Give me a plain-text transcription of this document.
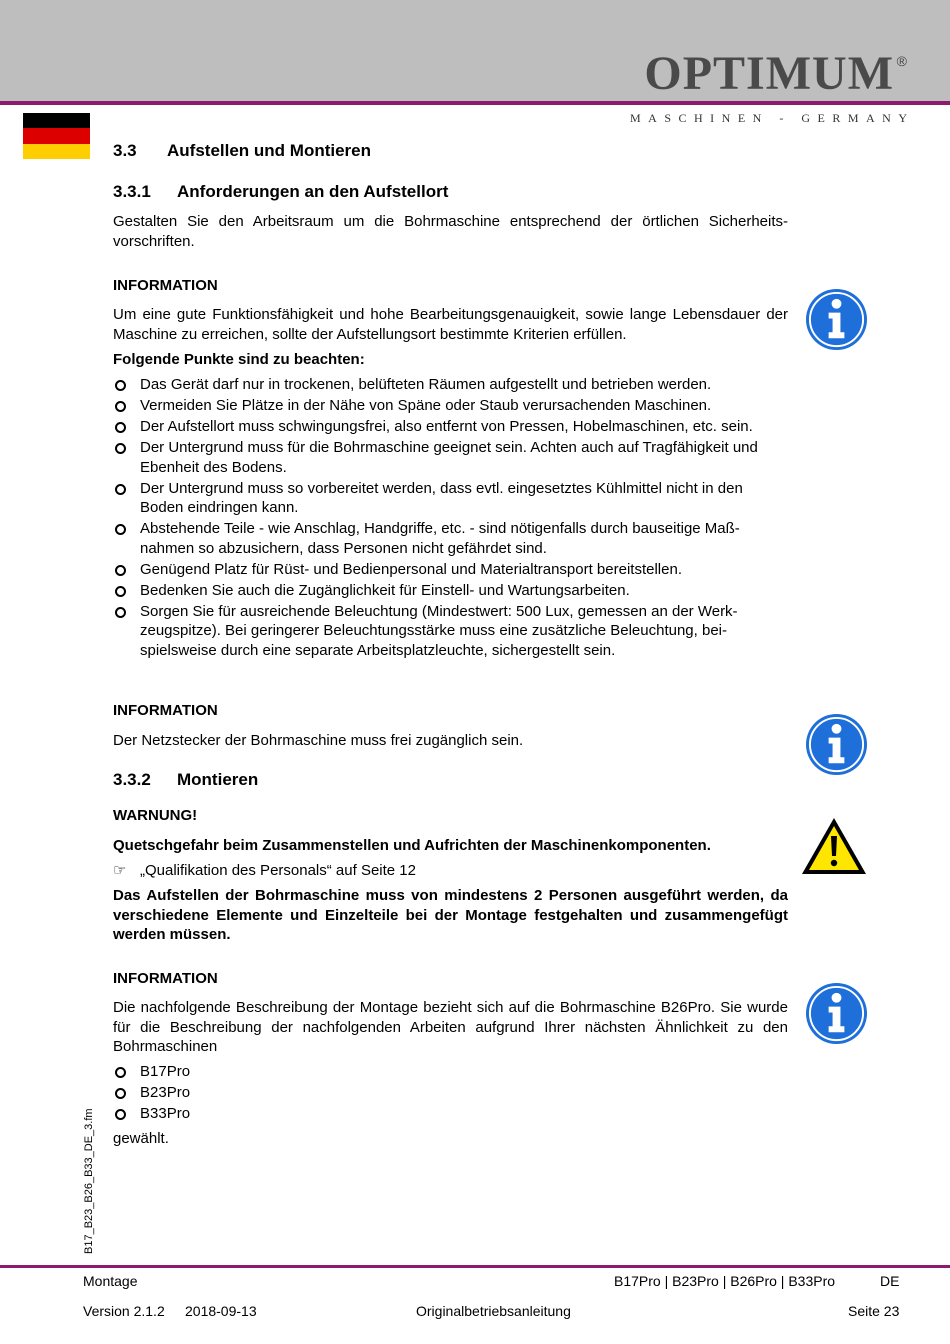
OPTIMUM ®
MASCHINEN - GERMANY
3.3 Aufstellen und Montieren
3.3.1 Anforderungen an den Aufstellort
Gestalten Sie den Arbeitsraum um die Bohrmaschine entsprechend der örtlichen Sicherheits-vorschriften.
INFORMATION
Um eine gute Funktionsfähigkeit und hohe Bearbeitungsgenauigkeit, sowie lange Lebensdauer der Maschine zu erreichen, sollte der Aufstellungsort bestimmte Kriterien erfüllen.
Folgende Punkte sind zu beachten:
Das Gerät darf nur in trockenen, belüfteten Räumen aufgestellt und betrieben werden.
Vermeiden Sie Plätze in der Nähe von Späne oder Staub verursachenden Maschinen.
Der Aufstellort muss schwingungsfrei, also entfernt von Pressen, Hobelmaschinen, etc. sein.
Der Untergrund muss für die Bohrmaschine geeignet sein. Achten auch auf Tragfähigkeit und Ebenheit des Bodens.
Der Untergrund muss so vorbereitet werden, dass evtl. eingesetztes Kühlmittel nicht in den Boden eindringen kann.
Abstehende Teile - wie Anschlag, Handgriffe, etc. - sind nötigenfalls durch bauseitige Maß-nahmen so abzusichern, dass Personen nicht gefährdet sind.
Genügend Platz für Rüst- und Bedienpersonal und Materialtransport bereitstellen.
Bedenken Sie auch die Zugänglichkeit für Einstell- und Wartungsarbeiten.
Sorgen Sie für ausreichende Beleuchtung (Mindestwert: 500 Lux, gemessen an der Werk-zeugspitze). Bei geringerer Beleuchtungsstärke muss eine zusätzliche Beleuchtung, bei-spielsweise durch eine separate Arbeitsplatzleuchte, sichergestellt sein.
INFORMATION
Der Netzstecker der Bohrmaschine muss frei zugänglich sein.
3.3.2 Montieren
WARNUNG!
Quetschgefahr beim Zusammenstellen und Aufrichten der Maschinenkomponenten.
☞ „Qualifikation des Personals“ auf Seite 12
Das Aufstellen der Bohrmaschine muss von mindestens 2 Personen ausgeführt werden, da verschiedene Elemente und Einzelteile bei der Montage festgehalten und zusammengefügt werden müssen.
INFORMATION
Die nachfolgende Beschreibung der Montage bezieht sich auf die Bohrmaschine B26Pro. Sie wurde für die Beschreibung der nachfolgenden Arbeiten aufgrund Ihrer nächsten Ähnlichkeit zu den Bohrmaschinen
B17Pro
B23Pro
B33Pro
gewählt.
B17_B23_B26_B33_DE_3.fm
Montage	B17Pro | B23Pro | B26Pro | B33Pro	DE
Version 2.1.2 2018-09-13	Originalbetriebsanleitung	Seite 23
